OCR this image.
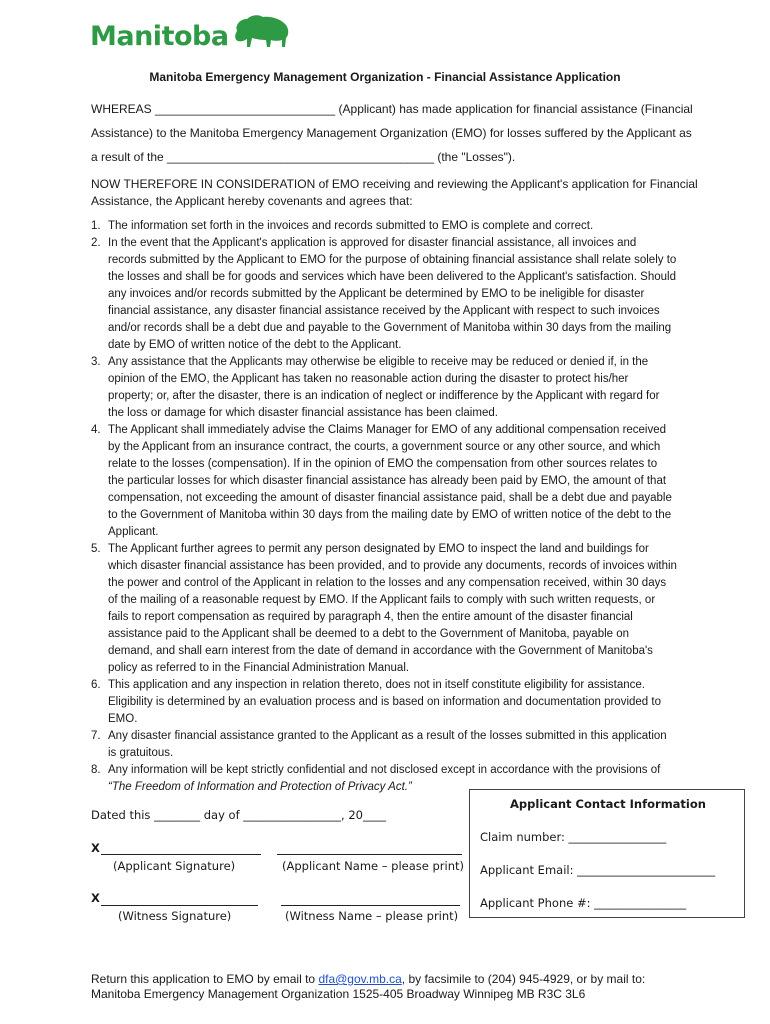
Manitoba
Manitoba Emergency Management Organization - Financial Assistance Application
WHEREAS ___________________________ (Applicant) has made application for financial assistance (Financial
Assistance) to the Manitoba Emergency Management Organization (EMO) for losses suffered by the Applicant as
a result of the ________________________________________ (the "Losses").
NOW THEREFORE IN CONSIDERATION of EMO receiving and reviewing the Applicant's application for Financial
Assistance, the Applicant hereby covenants and agrees that:
1. The information set forth in the invoices and records submitted to EMO is complete and correct.
2. In the event that the Applicant's application is approved for disaster financial assistance, all invoices and
records submitted by the Applicant to EMO for the purpose of obtaining financial assistance shall relate solely to
the losses and shall be for goods and services which have been delivered to the Applicant's satisfaction. Should
any invoices and/or records submitted by the Applicant be determined by EMO to be ineligible for disaster
financial assistance, any disaster financial assistance received by the Applicant with respect to such invoices
and/or records shall be a debt due and payable to the Government of Manitoba within 30 days from the mailing
date by EMO of written notice of the debt to the Applicant.
3. Any assistance that the Applicants may otherwise be eligible to receive may be reduced or denied if, in the
opinion of the EMO, the Applicant has taken no reasonable action during the disaster to protect his/her
property; or, after the disaster, there is an indication of neglect or indifference by the Applicant with regard for
the loss or damage for which disaster financial assistance has been claimed.
4. The Applicant shall immediately advise the Claims Manager for EMO of any additional compensation received
by the Applicant from an insurance contract, the courts, a government source or any other source, and which
relate to the losses (compensation). If in the opinion of EMO the compensation from other sources relates to
the particular losses for which disaster financial assistance has already been paid by EMO, the amount of that
compensation, not exceeding the amount of disaster financial assistance paid, shall be a debt due and payable
to the Government of Manitoba within 30 days from the mailing date by EMO of written notice of the debt to the
Applicant.
5. The Applicant further agrees to permit any person designated by EMO to inspect the land and buildings for
which disaster financial assistance has been provided, and to provide any documents, records of invoices within
the power and control of the Applicant in relation to the losses and any compensation received, within 30 days
of the mailing of a reasonable request by EMO. If the Applicant fails to comply with such written requests, or
fails to report compensation as required by paragraph 4, then the entire amount of the disaster financial
assistance paid to the Applicant shall be deemed to a debt to the Government of Manitoba, payable on
demand, and shall earn interest from the date of demand in accordance with the Government of Manitoba's
policy as referred to in the Financial Administration Manual.
6. This application and any inspection in relation thereto, does not in itself constitute eligibility for assistance.
Eligibility is determined by an evaluation process and is based on information and documentation provided to
EMO.
7. Any disaster financial assistance granted to the Applicant as a result of the losses submitted in this application
is gratuitous.
8. Any information will be kept strictly confidential and not disclosed except in accordance with the provisions of
“The Freedom of Information and Protection of Privacy Act.”
Dated this ________ day of _________________, 20____
X
(Applicant Signature)	(Applicant Name – please print)
X
(Witness Signature)	(Witness Name – please print)
Applicant Contact Information
Claim number: _________________
Applicant Email: ________________________
Applicant Phone #: ________________
Return this application to EMO by email to dfa@gov.mb.ca, by facsimile to (204) 945-4929, or by mail to:
Manitoba Emergency Management Organization 1525-405 Broadway Winnipeg MB R3C 3L6
